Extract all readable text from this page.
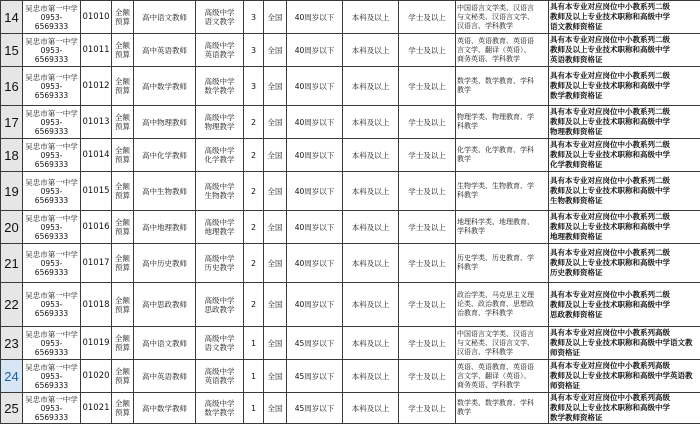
14	吴忠市第一中学
0953-6569333	01010	全额
预算	高中语文教师	高级中学
语文教学	3	全国	40周岁以下	本科及以上	学士及以上	中国语言文学类、汉语言
与文秘类、汉语言文学、
汉语言、学科教学	具有本专业对应岗位中小教系列二级
教师及以上专业技术职称和高级中学
语文教师资格证
15	吴忠市第一中学
0953-6569333	01011	全额
预算	高中英语教师	高级中学
英语教学	3	全国	40周岁以下	本科及以上	学士及以上	英语、英语教育、英语语
言文学、翻译（英语）、
商务英语、学科教学	具有本专业对应岗位中小教系列二级
教师及以上专业技术职称和高级中学
英语教师资格证
16	吴忠市第一中学
0953-6569333	01012	全额
预算	高中数学教师	高级中学
数学教学	3	全国	40周岁以下	本科及以上	学士及以上	数学类、数学教育、学科
教学	具有本专业对应岗位中小教系列二级
教师及以上专业技术职称和高级中学
数学教师资格证
17	吴忠市第一中学
0953-6569333	01013	全额
预算	高中物理教师	高级中学
物理教学	2	全国	40周岁以下	本科及以上	学士及以上	物理学类、物理教育、学
科教学	具有本专业对应岗位中小教系列二级
教师及以上专业技术职称和高级中学
物理教师资格证
18	吴忠市第一中学
0953-6569333	01014	全额
预算	高中化学教师	高级中学
化学教学	2	全国	40周岁以下	本科及以上	学士及以上	化学类、化学教育、学科
教学	具有本专业对应岗位中小教系列二级
教师及以上专业技术职称和高级中学
化学教师资格证
19	吴忠市第一中学
0953-6569333	01015	全额
预算	高中生物教师	高级中学
生物教学	2	全国	40周岁以下	本科及以上	学士及以上	生物学类、生物教育、学
科教学	具有本专业对应岗位中小教系列二级
教师及以上专业技术职称和高级中学
生物教师资格证
20	吴忠市第一中学
0953-6569333	01016	全额
预算	高中地理教师	高级中学
地理教学	2	全国	40周岁以下	本科及以上	学士及以上	地理科学类、地理教育、
学科教学	具有本专业对应岗位中小教系列二级
教师及以上专业技术职称和高级中学
地理教师资格证
21	吴忠市第一中学
0953-6569333	01017	全额
预算	高中历史教师	高级中学
历史教学	2	全国	40周岁以下	本科及以上	学士及以上	历史学类、历史教育、学
科教学	具有本专业对应岗位中小教系列二级
教师及以上专业技术职称和高级中学
历史教师资格证
22	吴忠市第一中学
0953-6569333	01018	全额
预算	高中思政教师	高级中学
思政教学	2	全国	40周岁以下	本科及以上	学士及以上	政治学类、马克思主义理
论类、政治教育、思想政
治教育、学科教学	具有本专业对应岗位中小教系列二级
教师及以上专业技术职称和高级中学
思政教师资格证
23	吴忠市第一中学
0953-6569333	01019	全额
预算	高中语文教师	高级中学
语文教学	1	全国	45周岁以下	本科及以上	学士及以上	中国语言文学类、汉语言
与文秘类、汉语言文学、
汉语言、学科教学	具有本专业对应岗位中小教系列高级
教师及以上专业技术职称和高级中学语文教
师资格证
24	吴忠市第一中学
0953-6569333	01020	全额
预算	高中英语教师	高级中学
英语教学	1	全国	45周岁以下	本科及以上	学士及以上	英语、英语教育、英语语
言文学、翻译（英语）、
商务英语、学科教学	具有本专业对应岗位中小教系列高级
教师及以上专业技术职称和高级中学英语教
师资格证
25	吴忠市第一中学
0953-6569333	01021	全额
预算	高中数学教师	高级中学
数学教学	1	全国	45周岁以下	本科及以上	学士及以上	数学类、数学教育、学科
教学	具有本专业对应岗位中小教系列高级
教师及以上专业技术职称和高级中学
数学教师资格证
